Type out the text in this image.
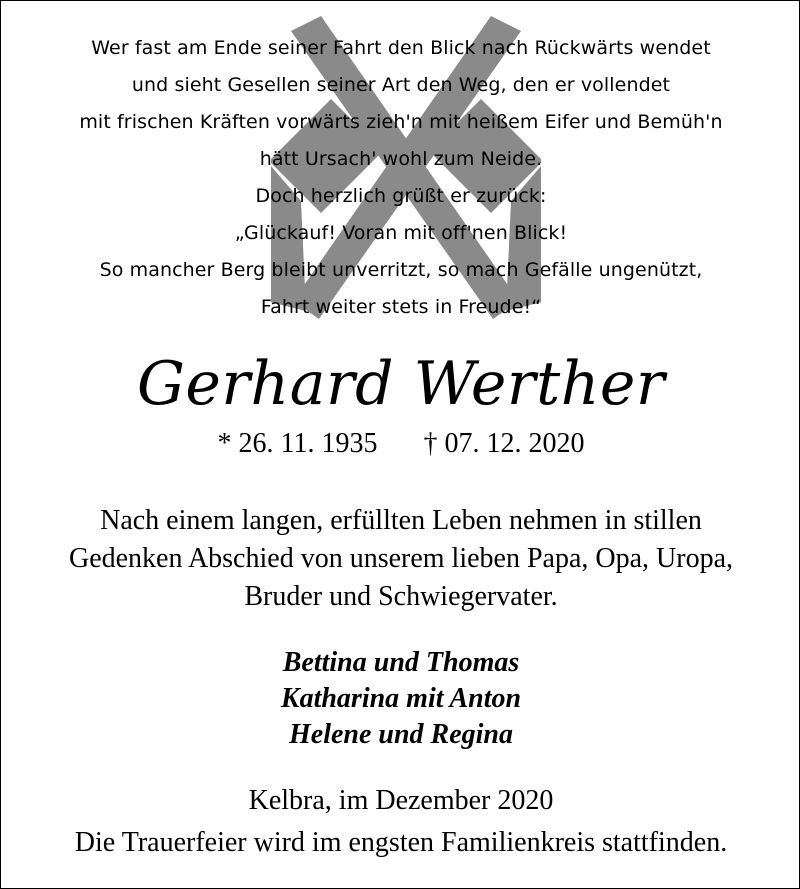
Wer fast am Ende seiner Fahrt den Blick nach Rückwärts wendet
und sieht Gesellen seiner Art den Weg, den er vollendet
mit frischen Kräften vorwärts zieh'n mit heißem Eifer und Bemüh'n
hätt Ursach' wohl zum Neide.
Doch herzlich grüßt er zurück:
„Glückauf! Voran mit off'nen Blick!
So mancher Berg bleibt unverritzt, so mach Gefälle ungenützt,
Fahrt weiter stets in Freude!“
Gerhard Werther
* 26. 11. 1935 † 07. 12. 2020
Nach einem langen, erfüllten Leben nehmen in stillen
Gedenken Abschied von unserem lieben Papa, Opa, Uropa,
Bruder und Schwiegervater.
Bettina und Thomas
Katharina mit Anton
Helene und Regina
Kelbra, im Dezember 2020
Die Trauerfeier wird im engsten Familienkreis stattfinden.
